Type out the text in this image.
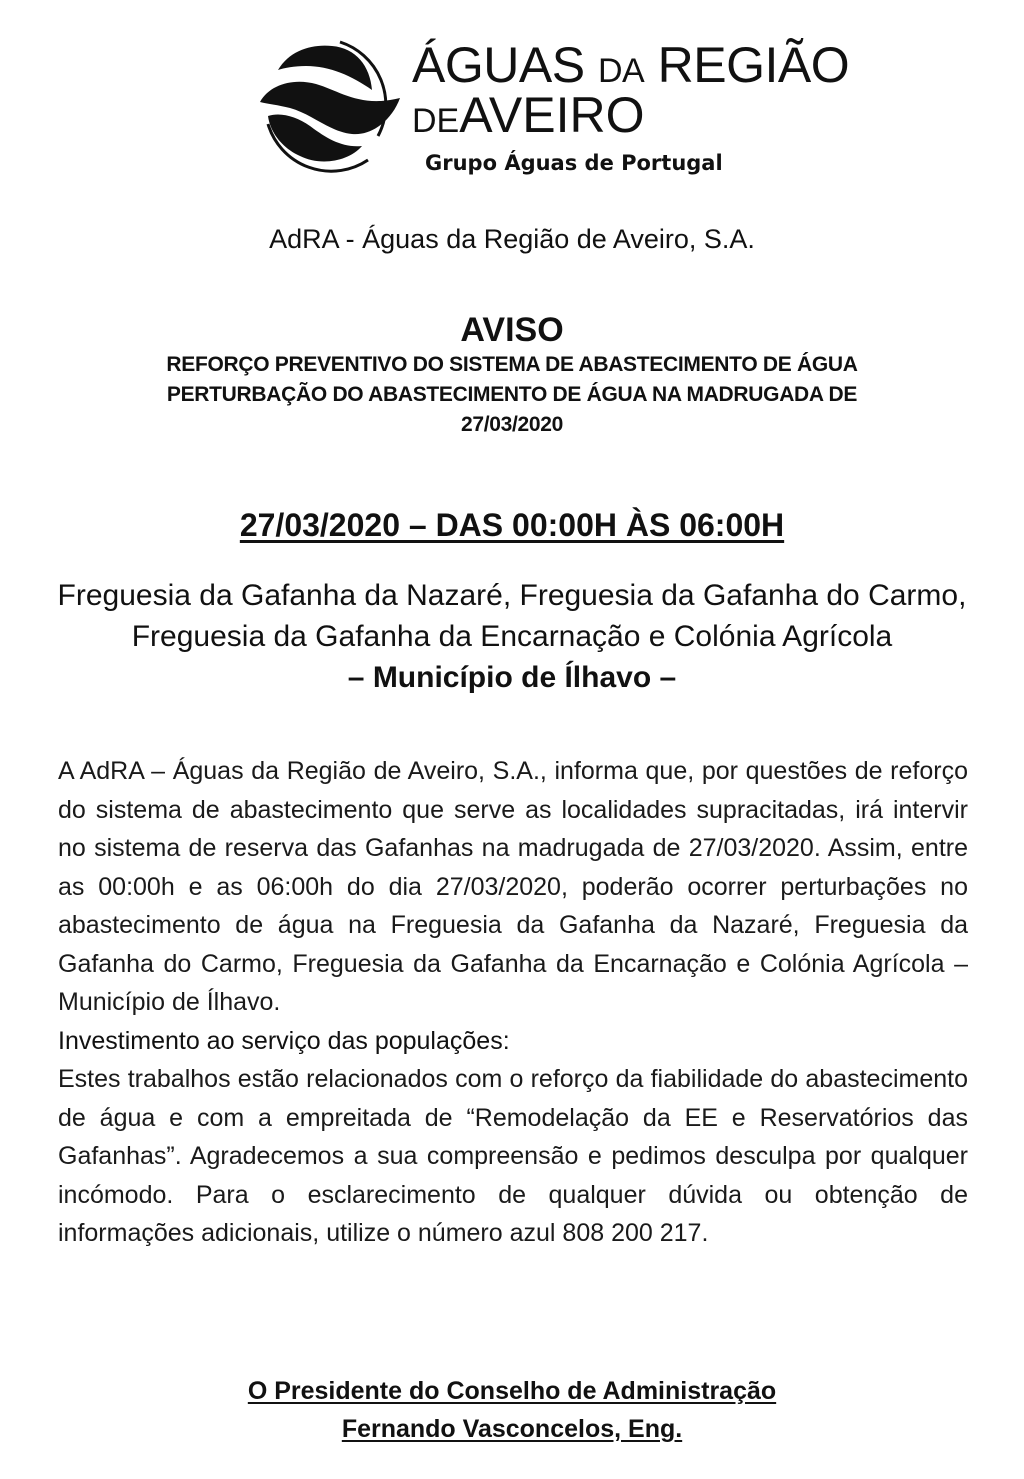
ÁGUAS DA REGIÃO
DEAVEIRO
Grupo Águas de Portugal
AdRA - Águas da Região de Aveiro, S.A.
AVISO
REFORÇO PREVENTIVO DO SISTEMA DE ABASTECIMENTO DE ÁGUA
PERTURBAÇÃO DO ABASTECIMENTO DE ÁGUA NA MADRUGADA DE
27/03/2020
27/03/2020 – DAS 00:00H ÀS 06:00H
Freguesia da Gafanha da Nazaré, Freguesia da Gafanha do Carmo, Freguesia da Gafanha da Encarnação e Colónia Agrícola
– Município de Ílhavo –

A AdRA – Águas da Região de Aveiro, S.A., informa que, por questões de reforço do sistema de abastecimento que serve as localidades supracitadas, irá intervir no sistema de reserva das Gafanhas na madrugada de 27/03/2020. Assim, entre as 00:00h e as 06:00h do dia 27/03/2020, poderão ocorrer perturbações no abastecimento de água na Freguesia da Gafanha da Nazaré, Freguesia da Gafanha do Carmo, Freguesia da Gafanha da Encarnação e Colónia Agrícola – Município de Ílhavo.

Investimento ao serviço das populações:

Estes trabalhos estão relacionados com o reforço da fiabilidade do abastecimento de água e com a empreitada de “Remodelação da EE e Reservatórios das Gafanhas”. Agradecemos a sua compreensão e pedimos desculpa por qualquer incómodo. Para o esclarecimento de qualquer dúvida ou obtenção de informações adicionais, utilize o número azul 808 200 217.

O Presidente do Conselho de Administração
Fernando Vasconcelos, Eng.
